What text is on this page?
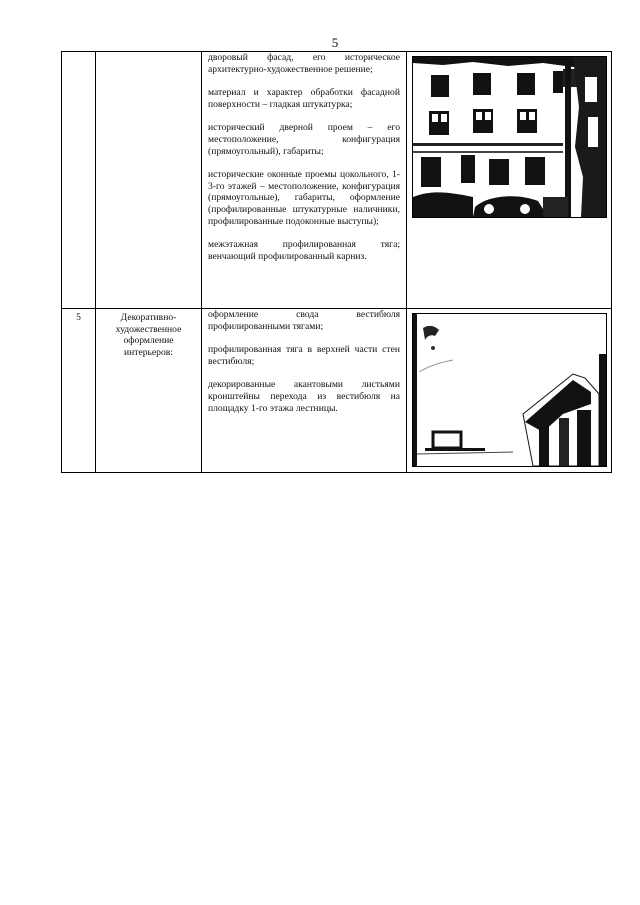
5

		дворовый фасад, его историческое архитектурно-художественное решение;

материал и характер обработки фасадной поверхности – гладкая штукатурка;

исторический дверной проем – его местоположение, конфигурация (прямоугольный), габариты;

исторические оконные проемы цокольного, 1-3-го этажей – местоположение, конфигурация (прямоугольные), габариты, оформление (профилированные штукатурные наличники, профилированные подоконные выступы);

межэтажная профилированная тяга; венчающий профилированный карниз.

5	Декоративно-художественное оформление интерьеров:	оформление свода вестибюля профилированными тягами;

профилированная тяга в верхней части стен вестибюля;

декорированные акантовыми листьями кронштейны перехода из вестибюля на площадку 1-го этажа лестницы.
